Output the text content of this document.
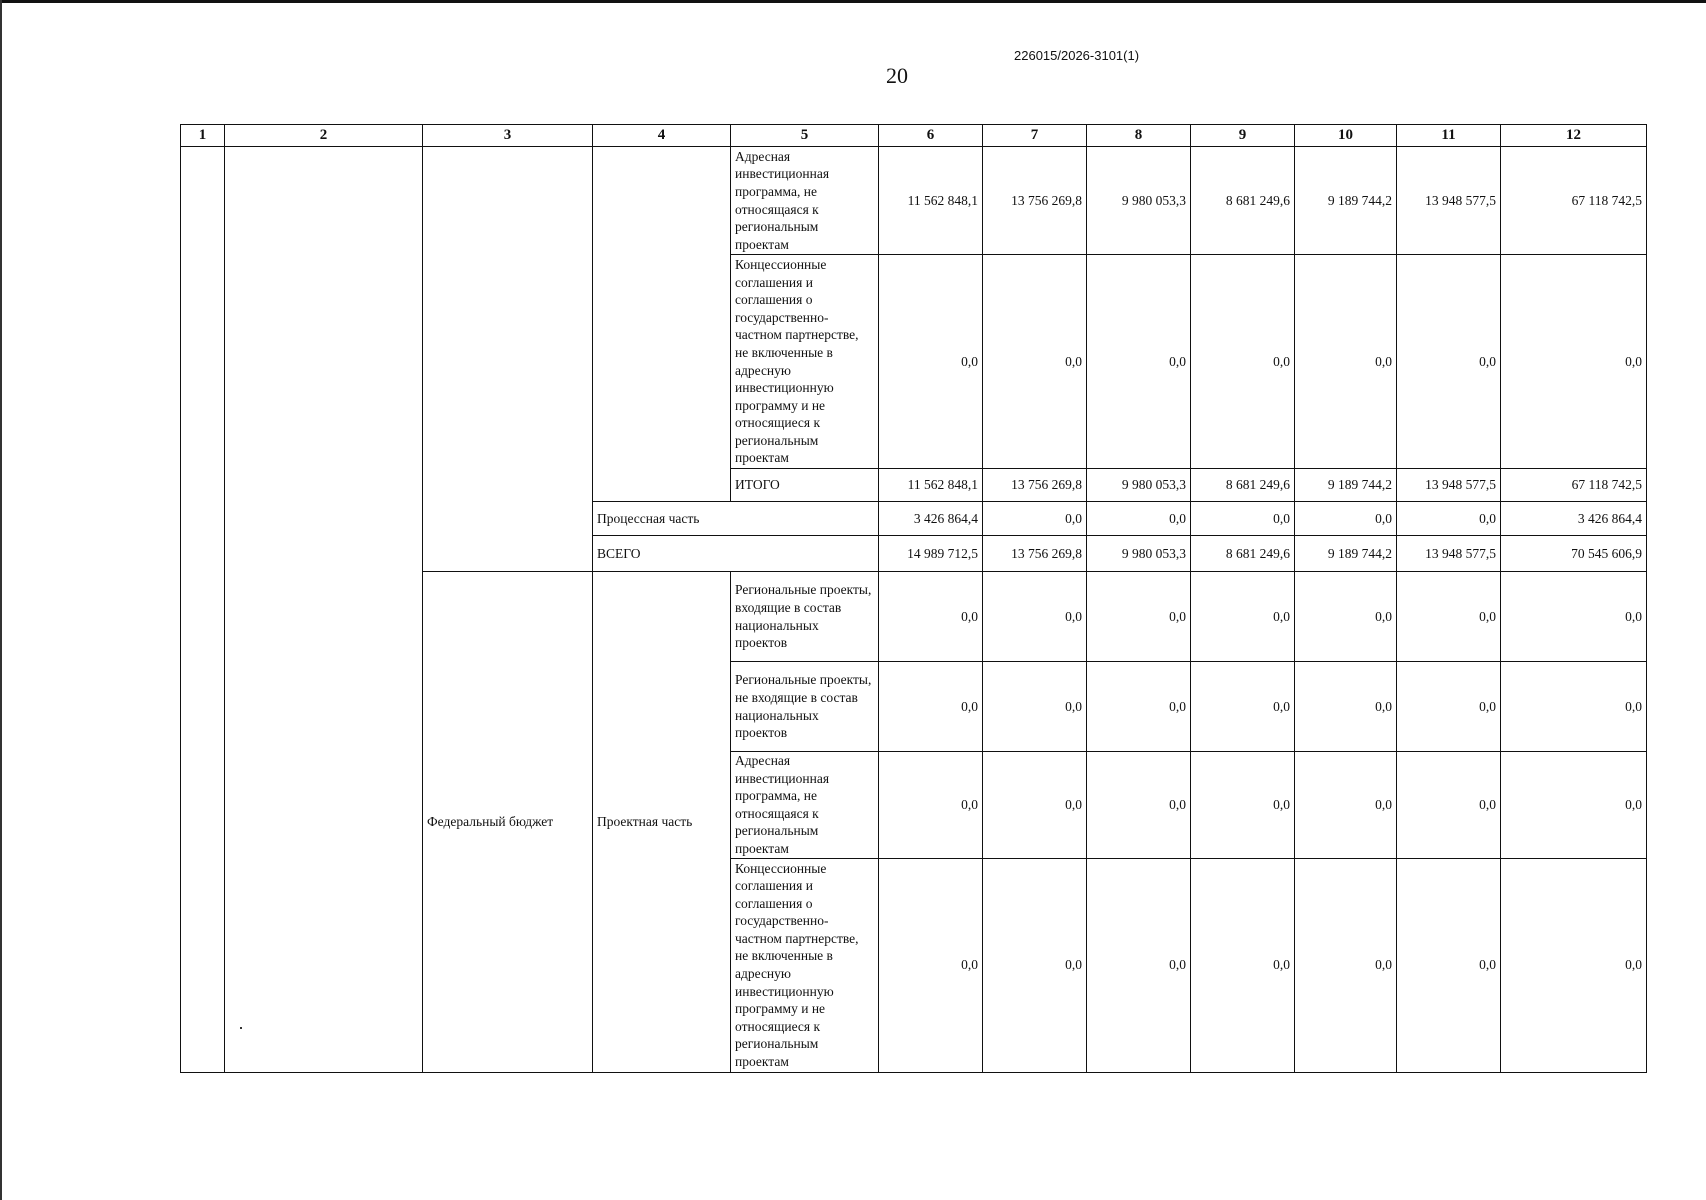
226015/2026-3101(1)
20
1	2	3	4	5	6	7	8	9	10	11	12
				Адресная инвестиционная программа, не относящаяся к региональным проектам	11 562 848,1	13 756 269,8	9 980 053,3	8 681 249,6	9 189 744,2	13 948 577,5	67 118 742,5
				Концессионные соглашения и соглашения о государственно-частном партнерстве, не включенные в адресную инвестиционную программу и не относящиеся к региональным проектам	0,0	0,0	0,0	0,0	0,0	0,0	0,0
				ИТОГО	11 562 848,1	13 756 269,8	9 980 053,3	8 681 249,6	9 189 744,2	13 948 577,5	67 118 742,5
			Процессная часть		3 426 864,4	0,0	0,0	0,0	0,0	0,0	3 426 864,4
			ВСЕГО		14 989 712,5	13 756 269,8	9 980 053,3	8 681 249,6	9 189 744,2	13 948 577,5	70 545 606,9
		Федеральный бюджет	Проектная часть	Региональные проекты, входящие в состав национальных проектов	0,0	0,0	0,0	0,0	0,0	0,0	0,0
				Региональные проекты, не входящие в состав национальных проектов	0,0	0,0	0,0	0,0	0,0	0,0	0,0
				Адресная инвестиционная программа, не относящаяся к региональным проектам	0,0	0,0	0,0	0,0	0,0	0,0	0,0
				Концессионные соглашения и соглашения о государственно-частном партнерстве, не включенные в адресную инвестиционную программу и не относящиеся к региональным проектам	0,0	0,0	0,0	0,0	0,0	0,0	0,0
